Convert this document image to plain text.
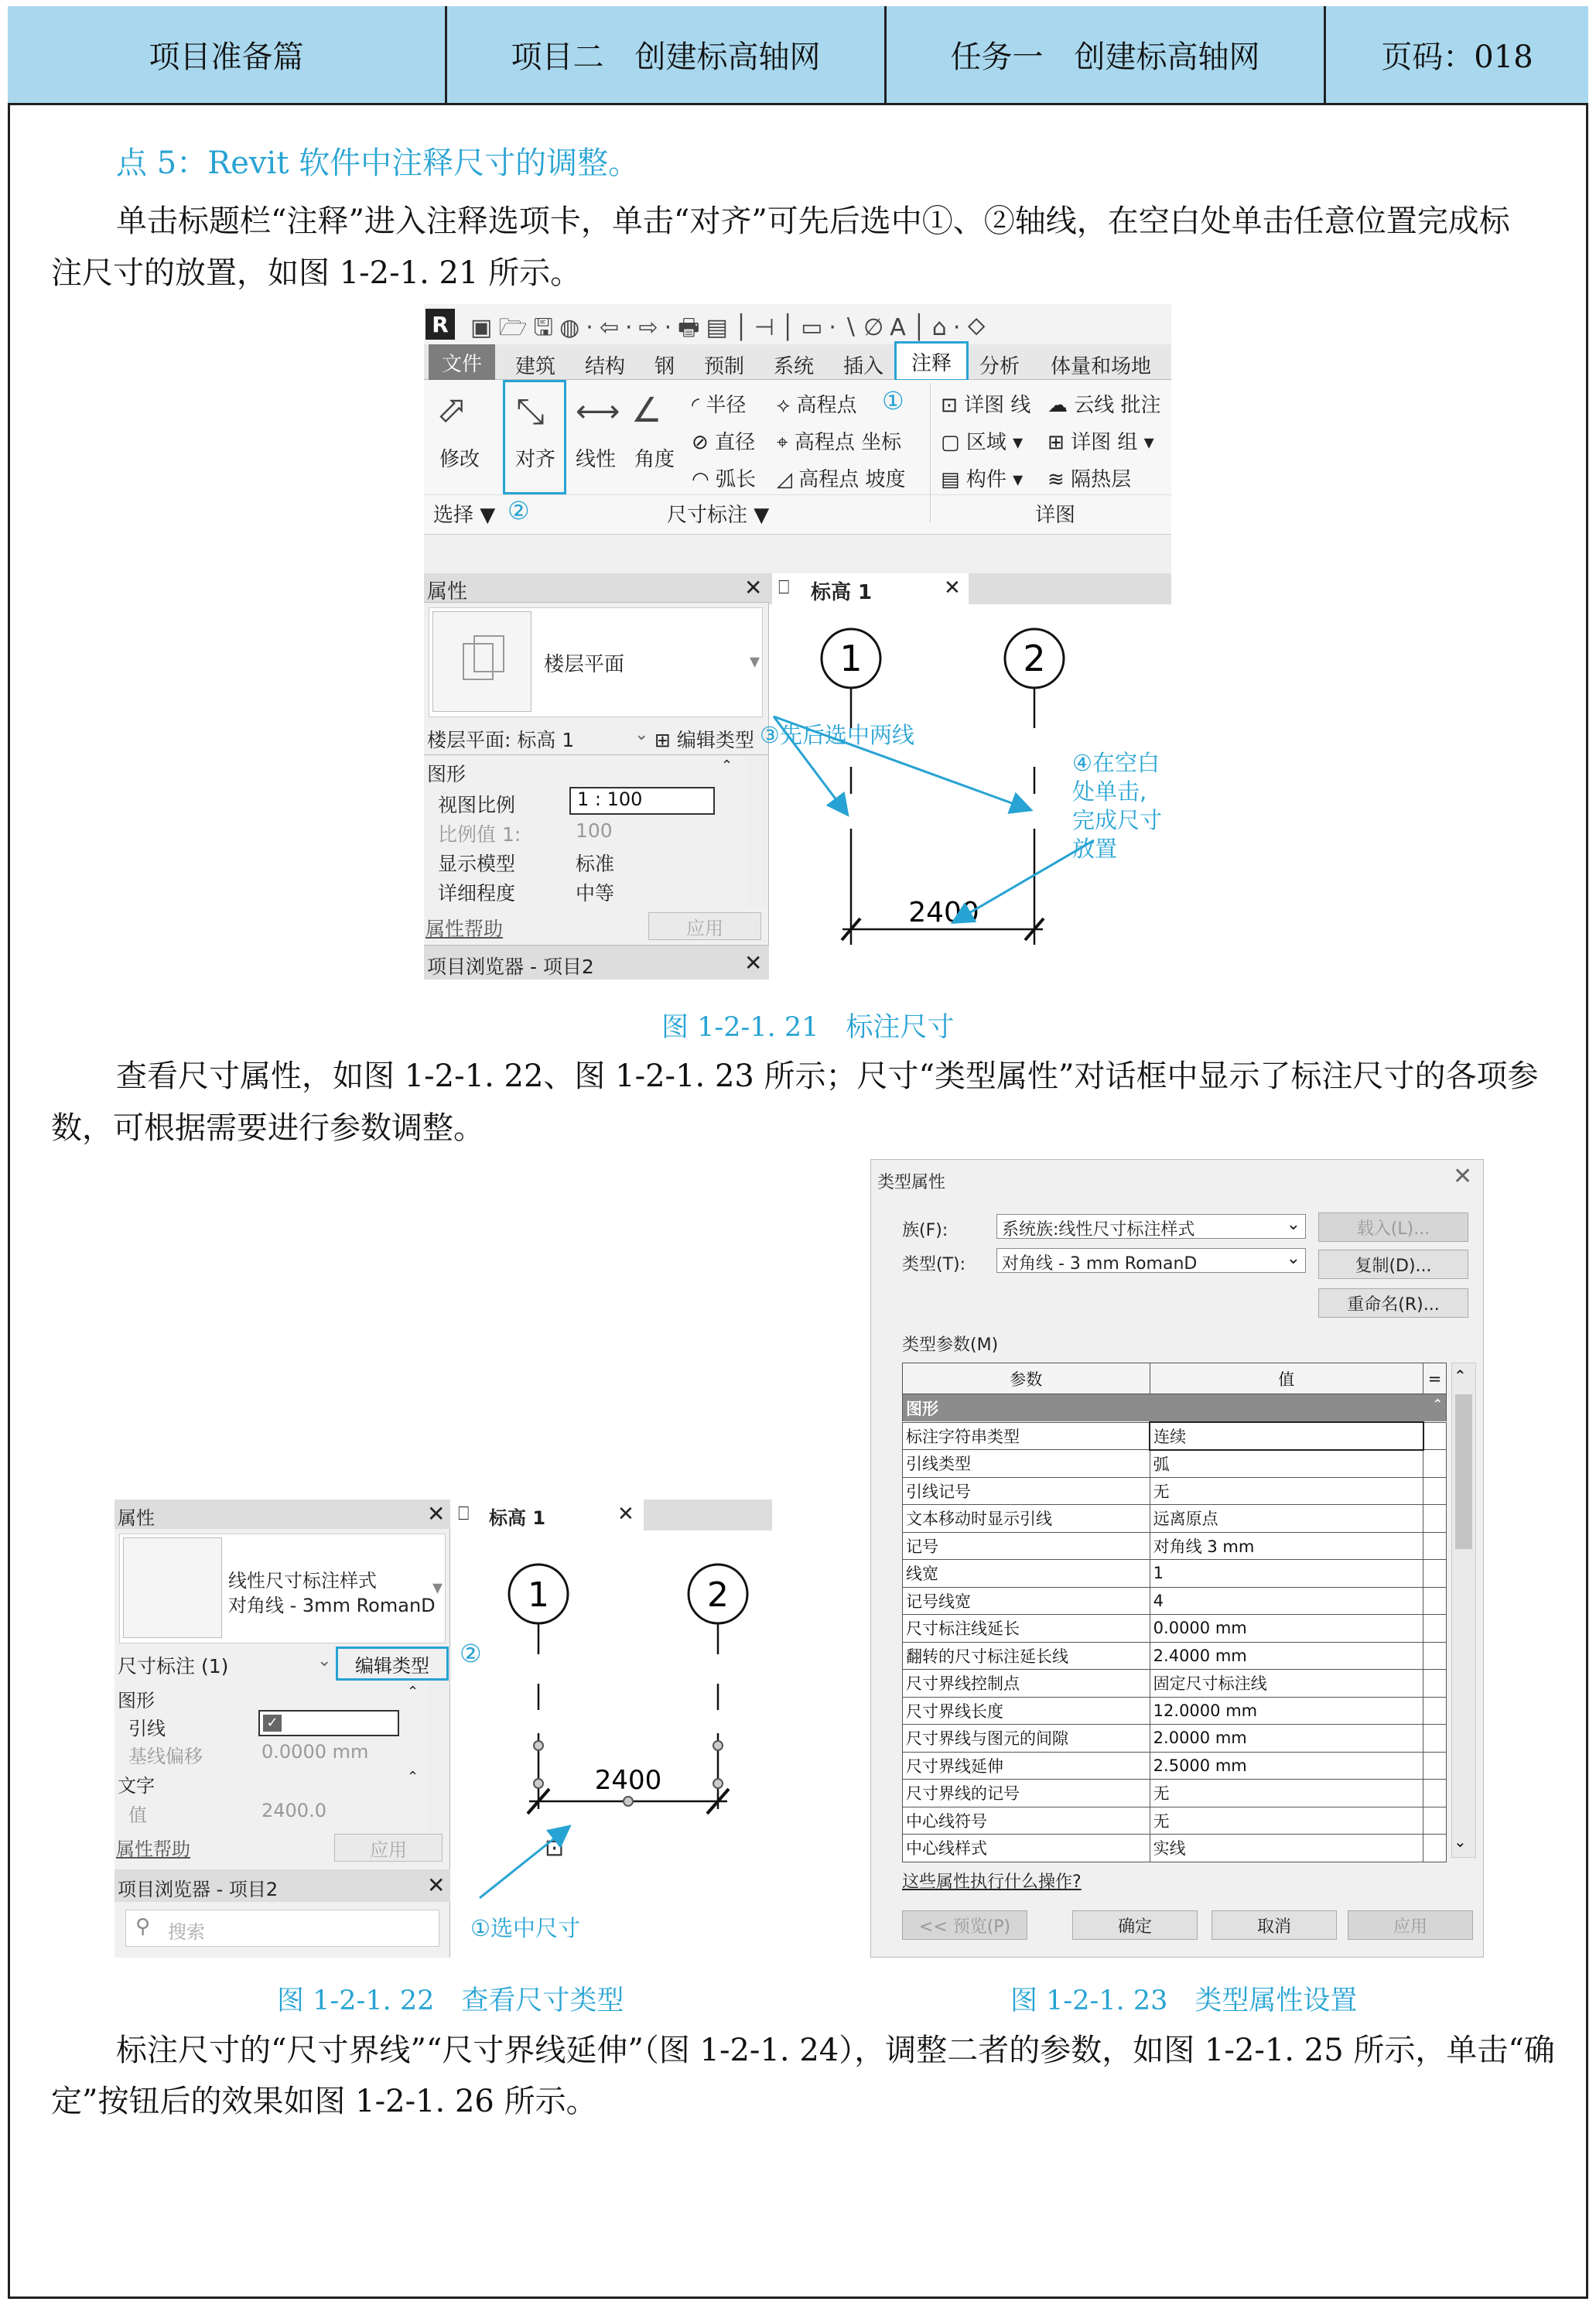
项目准备篇	项目二　创建标高轴网	任务一　创建标高轴网	页码：018
点 5：Revit 软件中注释尺寸的调整。
单击标题栏“注释”进入注释选项卡，单击“对齐”可先后选中①、②轴线，在空白处单击任意位置完成标
注尺寸的放置，如图 1-2-1. 21 所示。
R ▣🗁🖫◍·⇦·⇨·🖶▤│⊣│▭·∖∅A│⌂·⬦
文件	建筑 结构 钢 预制 系统 插入	注释	分析 体量和场地
⬀
修改
⤡
对齐
⟷
线性
∠
角度
◜ 半径
⊘ 直径
◠ 弧长
⟡ 高程点 ①
⌖ 高程点 坐标
◿ 高程点 坡度
⊡ 详图 线 ☁ 云线 批注
▢ 区域 ▾ ⊞ 详图 组 ▾
▤ 构件 ▾ ≋ 隔热层
选择 ▼ ②	尺寸标注 ▼	详图
属性	✕
楼层平面	▾
楼层平面: 标高 1	⌄ ⊞ 编辑类型
图形	⌃
视图比例	1 : 100
比例值 1:	100
显示模型	标准
详细程度	中等
属性帮助	应用
项目浏览器 - 项目2	✕
⎕ 标高 1	✕
1	2
2400
③先后选中两线
④在空白
处单击,
完成尺寸
放置
图 1-2-1. 21　标注尺寸
查看尺寸属性，如图 1-2-1. 22、图 1-2-1. 23 所示；尺寸“类型属性”对话框中显示了标注尺寸的各项参
数，可根据需要进行参数调整。
属性	✕
线性尺寸标注样式
对角线 - 3mm RomanD
▾
尺寸标注 (1)	⌄ 编辑类型
图形	⌃
引线	✓
基线偏移	0.0000 mm
文字	⌃
值	2400.0
属性帮助	应用
项目浏览器 - 项目2	✕
⚲ 搜索
②
⎕ 标高 1	✕
1	2
2400
⊡
①选中尺寸
类型属性	✕
族(F):	系统族:线性尺寸标注样式	⌄
类型(T):	对角线 - 3 mm RomanD	⌄
载入(L)...
复制(D)...
重命名(R)...
类型参数(M)
参数	值	=
图形	⌃
标注字符串类型	连续	
引线类型	弧	
引线记号	无	
文本移动时显示引线	远离原点	
记号	对角线 3 mm	
线宽	1	
记号线宽	4	
尺寸标注线延长	0.0000 mm	
翻转的尺寸标注延长线	2.4000 mm	
尺寸界线控制点	固定尺寸标注线	
尺寸界线长度	12.0000 mm	
尺寸界线与图元的间隙	2.0000 mm	
尺寸界线延伸	2.5000 mm	
尺寸界线的记号	无	
中心线符号	无	
中心线样式	实线	
⌃
⌄
这些属性执行什么操作?
<< 预览(P)	确定	取消	应用
图 1-2-1. 22　查看尺寸类型	图 1-2-1. 23　类型属性设置
标注尺寸的“尺寸界线”“尺寸界线延伸”（图 1-2-1. 24），调整二者的参数，如图 1-2-1. 25 所示，单击“确
定”按钮后的效果如图 1-2-1. 26 所示。
